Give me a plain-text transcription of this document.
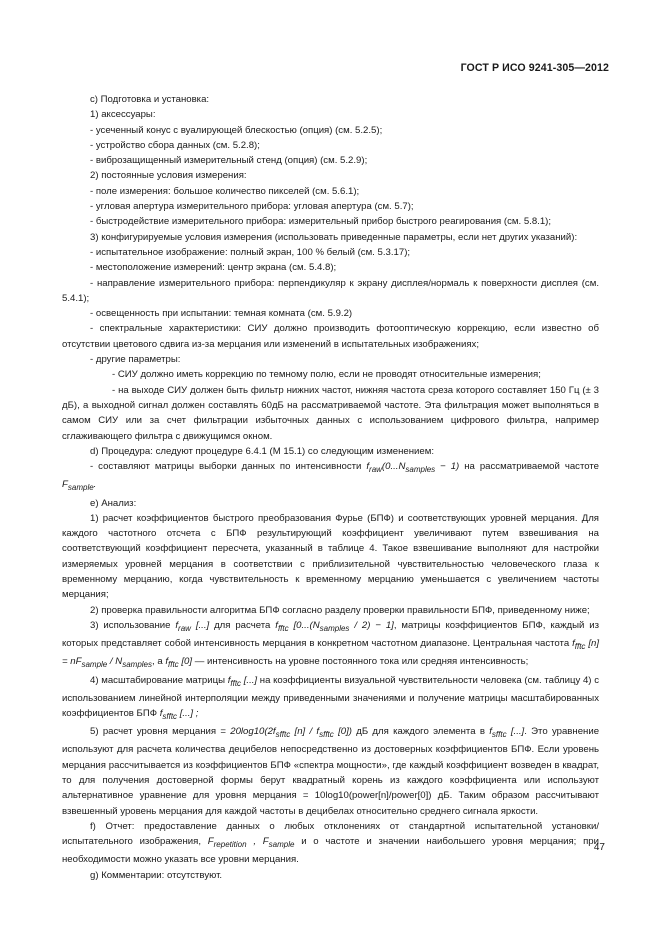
ГОСТ Р ИСО 9241-305—2012

c) Подготовка и установка:

1) аксессуары:

- усеченный конус с вуалирующей блескостью (опция) (см. 5.2.5);

- устройство сбора данных (см. 5.2.8);

- виброзащищенный измерительный стенд (опция) (см. 5.2.9);

2) постоянные условия измерения:

- поле измерения: большое количество пикселей (см. 5.6.1);

- угловая апертура измерительного прибора: угловая апертура (см. 5.7);

- быстродействие измерительного прибора: измерительный прибор быстрого реагирования (см. 5.8.1);

3) конфигурируемые условия измерения (использовать приведенные параметры, если нет других указаний):

- испытательное изображение: полный экран, 100 % белый (см. 5.3.17);

- местоположение измерений: центр экрана (см. 5.4.8);

- направление измерительного прибора: перпендикуляр к экрану дисплея/нормаль к поверхности дисплея (см. 5.4.1);

- освещенность при испытании: темная комната (см. 5.9.2)

- спектральные характеристики: СИУ должно производить фотооптическую коррекцию, если известно об отсутствии цветового сдвига из-за мерцания или изменений в испытательных изображениях;

- другие параметры:

- СИУ должно иметь коррекцию по темному полю, если не проводят относительные измерения;

- на выходе СИУ должен быть фильтр нижних частот, нижняя частота среза которого составляет 150 Гц (± 3 дБ), а выходной сигнал должен составлять 60дБ на рассматриваемой частоте. Эта фильтрация может выполняться в самом СИУ или за счет фильтрации избыточных данных с использованием цифрового фильтра, например сглаживающего фильтра с движущимся окном.

d) Процедура: следуют процедуре 6.4.1 (М 15.1) со следующим изменением:

- составляют матрицы выборки данных по интенсивности $f_{raw}(0...N_{samples} - 1)$ на рассматриваемой частоте $F_{sample}$.

e) Анализ:

1) расчет коэффициентов быстрого преобразования Фурье (БПФ) и соответствующих уровней мерцания. Для каждого частотного отсчета с БПФ результирующий коэффициент увеличивают путем взвешивания на соответствующий коэффициент пересчета, указанный в таблице 4. Такое взвешивание выполняют для настройки измеряемых уровней мерцания в соответствии с приблизительной чувствительностью человеческого глаза к временному мерцанию, когда чувствительность к временному мерцанию уменьшается с увеличением частоты мерцания;

2) проверка правильности алгоритма БПФ согласно разделу проверки правильности БПФ, приведенному ниже;

3) использование $f_{raw}$ [...] для расчета $f_{fftc}$ $[0...(N_{samples} / 2) - 1]$, матрицы коэффициентов БПФ, каждый из которых представляет собой интенсивность мерцания в конкретном частотном диапазоне. Центральная частота $f_{fftc}$ $[n] = nF_{sample} / N_{samples}$, а $f_{fftc}$ [0] — интенсивность на уровне постоянного тока или средняя интенсивность;

4) масштабирование матрицы $f_{fftc}$ [...] на коэффициенты визуальной чувствительности человека (см. таблицу 4) с использованием линейной интерполяции между приведенными значениями и получение матрицы масштабированных коэффициентов БПФ $f_{sfftc}$ [...] ;

5) расчет уровня мерцания = $20\log 10(2f_{sfftc}$ $[n] / f_{sfftc}$ [0]) дБ для каждого элемента в $f_{sfftc}$ [...]. Это уравнение используют для расчета количества децибелов непосредственно из достоверных коэффициентов БПФ. Если уровень мерцания рассчитывается из коэффициентов БПФ «спектра мощности», где каждый коэффициент возведен в квадрат, то для получения достоверной формы берут квадратный корень из каждого коэффициента или используют альтернативное уравнение для уровня мерцания = 10log10(power[n]/power[0]) дБ. Таким образом рассчитывают взвешенный уровень мерцания для каждой частоты в децибелах относительно среднего сигнала яркости.

f) Отчет: предоставление данных о любых отклонениях от стандартной испытательной установки/испытательного изображения, $F_{repetition}$ , $F_{sample}$ и о частоте и значении наибольшего уровня мерцания; при необходимости можно указать все уровни мерцания.

g) Комментарии: отсутствуют.

47
